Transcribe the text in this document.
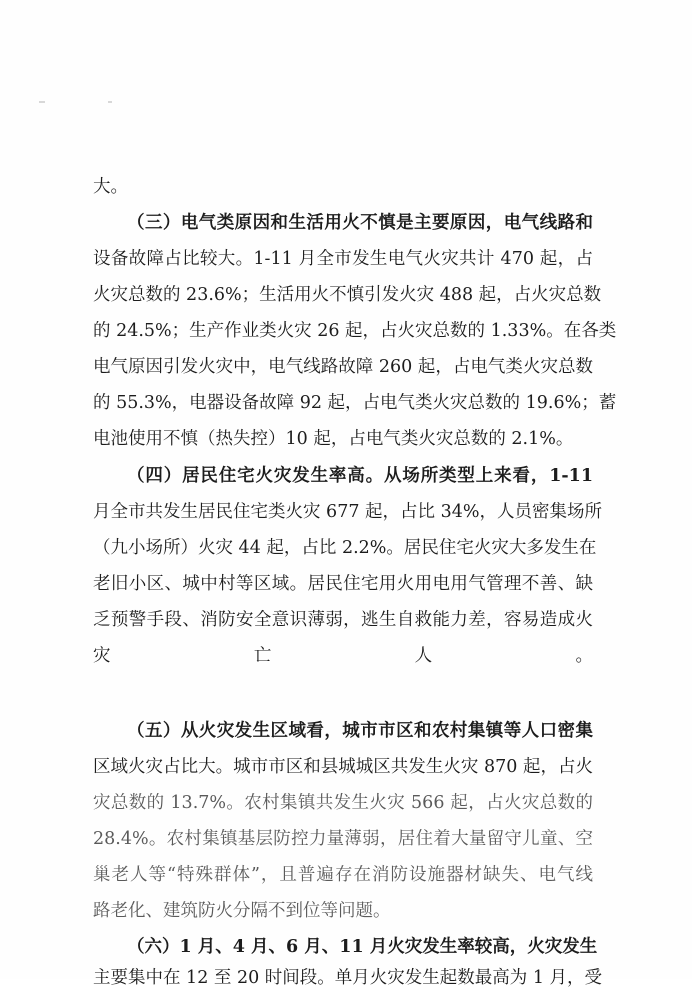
大。
（三）电气类原因和生活用火不慎是主要原因，电气线路和
设备故障占比较大。1-11 月全市发生电气火灾共计 470 起，占
火灾总数的 23.6%；生活用火不慎引发火灾 488 起，占火灾总数
的 24.5%；生产作业类火灾 26 起，占火灾总数的 1.33%。在各类
电气原因引发火灾中，电气线路故障 260 起，占电气类火灾总数
的 55.3%，电器设备故障 92 起，占电气类火灾总数的 19.6%；蓄
电池使用不慎（热失控）10 起，占电气类火灾总数的 2.1%。
（四）居民住宅火灾发生率高。从场所类型上来看，1-11
月全市共发生居民住宅类火灾 677 起，占比 34%，人员密集场所
（九小场所）火灾 44 起，占比 2.2%。居民住宅火灾大多发生在
老旧小区、城中村等区域。居民住宅用火用电用气管理不善、缺
乏预警手段、消防安全意识薄弱，逃生自救能力差，容易造成火
灾亡人。
（五）从火灾发生区域看，城市市区和农村集镇等人口密集
区域火灾占比大。城市市区和县城城区共发生火灾 870 起，占火
灾总数的 13.7%。农村集镇共发生火灾 566 起，占火灾总数的
28.4%。农村集镇基层防控力量薄弱，居住着大量留守儿童、空
巢老人等“特殊群体”，且普遍存在消防设施器材缺失、电气线
路老化、建筑防火分隔不到位等问题。
（六）1 月、4 月、6 月、11 月火灾发生率较高，火灾发生
主要集中在 12 至 20 时间段。单月火灾发生起数最高为 1 月，受
